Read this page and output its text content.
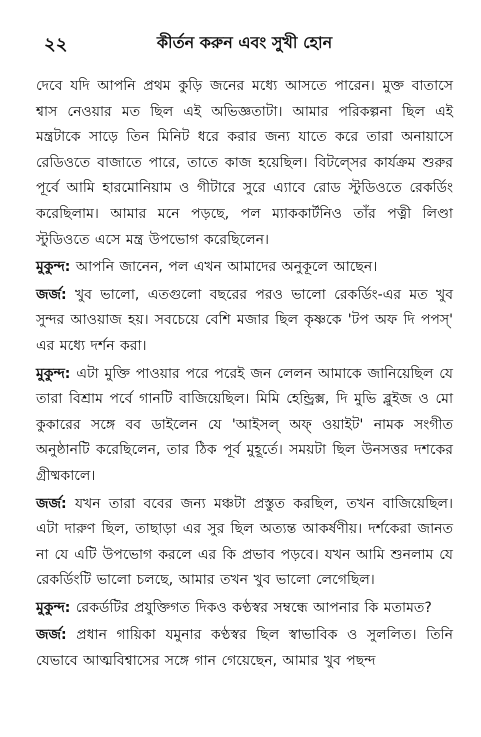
২২	কীর্তন করুন এবং সুখী হোন

দেবে যদি আপনি প্রথম কুড়ি জনের মধ্যে আসতে পারেন। মুক্ত বাতাসে শ্বাস নেওয়ার মত ছিল এই অভিজ্ঞতাটা। আমার পরিকল্পনা ছিল এই মন্ত্রটাকে সাড়ে তিন মিনিট ধরে করার জন্য যাতে করে তারা অনায়াসে রেডিওতে বাজাতে পারে, তাতে কাজ হয়েছিল। বিটল্সের কার্যক্রম শুরুর পূর্বে আমি হারমোনিয়াম ও গীটারে সুরে এ্যাবে রোড স্টুডিওতে রেকর্ডিং করেছিলাম। আমার মনে পড়ছে, পল ম্যাককার্টনিও তাঁর পত্নী লিণ্ডা স্টুডিওতে এসে মন্ত্র উপভোগ করেছিলেন।

মুকুন্দ: আপনি জানেন, পল এখন আমাদের অনুকূলে আছেন।

জর্জ: খুব ভালো, এতগুলো বছরের পরও ভালো রেকর্ডিং-এর মত খুব সুন্দর আওয়াজ হয়। সবচেয়ে বেশি মজার ছিল কৃষ্ণকে 'টপ অফ দি পপস্' এর মধ্যে দর্শন করা।

মুকুন্দ: এটা মুক্তি পাওয়ার পরে পরেই জন লেলন আমাকে জানিয়েছিল যে তারা বিশ্রাম পর্বে গানটি বাজিয়েছিল। মিমি হেন্ড্রিক্স, দি মুভি ব্লুইজ ও মো কুকারের সঙ্গে বব ডাইলেন যে 'আইসল্ অফ্ ওয়াইট' নামক সংগীত অনুষ্ঠানটি করেছিলেন, তার ঠিক পূর্ব মুহূর্তে। সময়টা ছিল উনসত্তর দশকের গ্রীষ্মকালে।

জর্জ: যখন তারা ববের জন্য মঞ্চটা প্রস্তুত করছিল, তখন বাজিয়েছিল। এটা দারুণ ছিল, তাছাড়া এর সুর ছিল অত্যন্ত আকর্ষণীয়। দর্শকেরা জানত না যে এটি উপভোগ করলে এর কি প্রভাব পড়বে। যখন আমি শুনলাম যে রেকর্ডিংটি ভালো চলছে, আমার তখন খুব ভালো লেগেছিল।

মুকুন্দ: রেকর্ডটির প্রযুক্তিগত দিকও কণ্ঠস্বর সম্বন্ধে আপনার কি মতামত?

জর্জ: প্রধান গায়িকা যমুনার কণ্ঠস্বর ছিল স্বাভাবিক ও সুললিত। তিনি যেভাবে আত্মবিশ্বাসের সঙ্গে গান গেয়েছেন, আমার খুব পছন্দ
